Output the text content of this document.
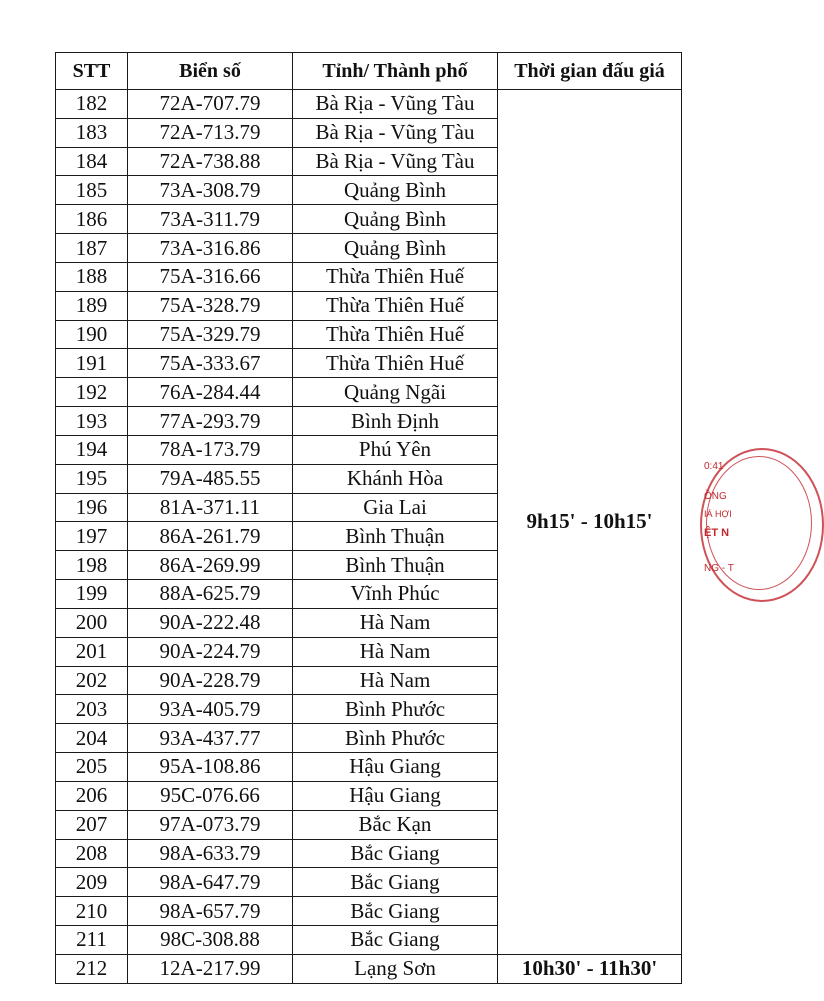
STT	Biển số	Tỉnh/ Thành phố	Thời gian đấu giá
182	72A-707.79	Bà Rịa - Vũng Tàu	9h15' - 10h15'
183	72A-713.79	Bà Rịa - Vũng Tàu	
184	72A-738.88	Bà Rịa - Vũng Tàu	
185	73A-308.79	Quảng Bình	
186	73A-311.79	Quảng Bình	
187	73A-316.86	Quảng Bình	
188	75A-316.66	Thừa Thiên Huế	
189	75A-328.79	Thừa Thiên Huế	
190	75A-329.79	Thừa Thiên Huế	
191	75A-333.67	Thừa Thiên Huế	
192	76A-284.44	Quảng Ngãi	
193	77A-293.79	Bình Định	
194	78A-173.79	Phú Yên	
195	79A-485.55	Khánh Hòa	
196	81A-371.11	Gia Lai	
197	86A-261.79	Bình Thuận	
198	86A-269.99	Bình Thuận	
199	88A-625.79	Vĩnh Phúc	
200	90A-222.48	Hà Nam	
201	90A-224.79	Hà Nam	
202	90A-228.79	Hà Nam	
203	93A-405.79	Bình Phước	
204	93A-437.77	Bình Phước	
205	95A-108.86	Hậu Giang	
206	95C-076.66	Hậu Giang	
207	97A-073.79	Bắc Kạn	
208	98A-633.79	Bắc Giang	
209	98A-647.79	Bắc Giang	
210	98A-657.79	Bắc Giang	
211	98C-308.88	Bắc Giang	
212	12A-217.99	Lạng Sơn	10h30' - 11h30'
0:41
ỒNG
IÁ HỢI
ỆT N
NG - T
